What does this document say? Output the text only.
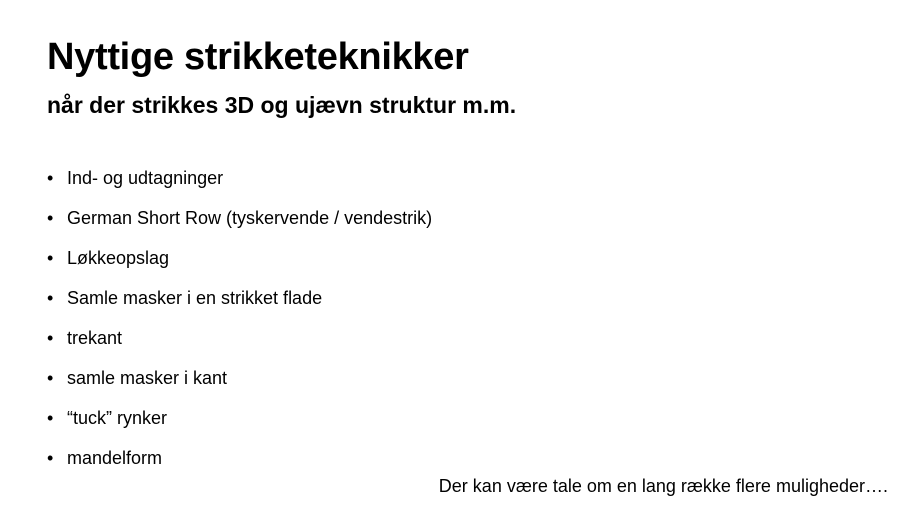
Nyttige strikketeknikker
når der strikkes 3D og ujævn struktur m.m.
• Ind- og udtagninger
• German Short Row (tyskervende / vendestrik)
• Løkkeopslag
• Samle masker i en strikket flade
• trekant
• samle masker i kant
• “tuck” rynker
• mandelform
Der kan være tale om en lang række flere muligheder….
